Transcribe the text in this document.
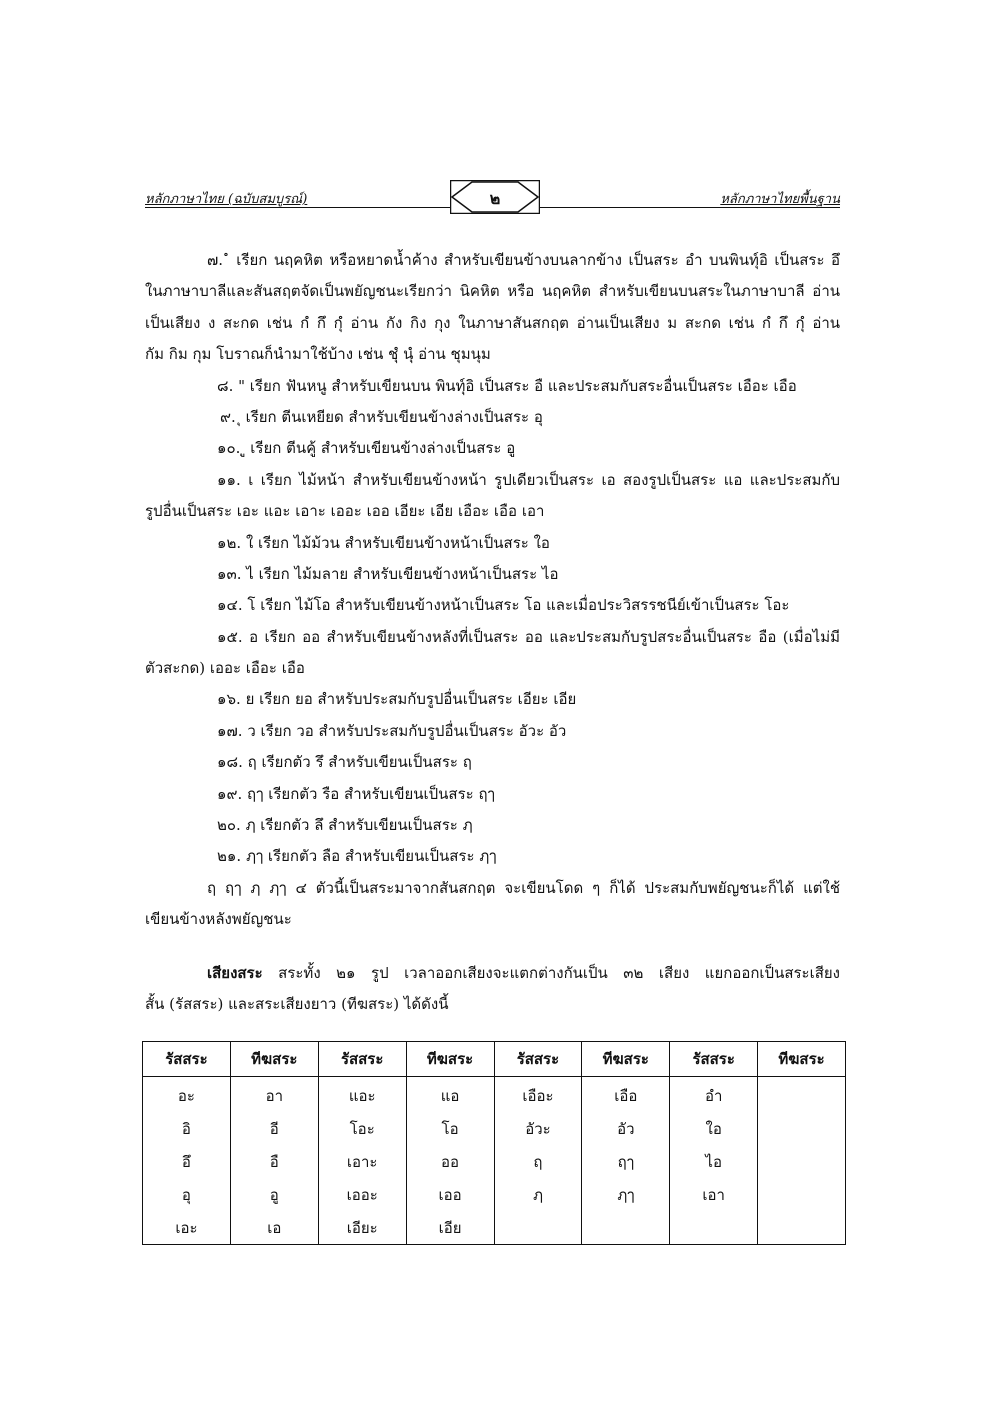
หลักภาษาไทย (ฉบับสมบูรณ์)	๒	หลักภาษาไทยพื้นฐาน
๗. ํ เรียก นฤคหิต หรือหยาดน้ำค้าง สำหรับเขียนข้างบนลากข้าง เป็นสระ อำ บนพินทุ์อิ เป็นสระ อึ
ในภาษาบาลีและสันสฤตจัดเป็นพยัญชนะเรียกว่า นิคหิต หรือ นฤคหิต สำหรับเขียนบนสระในภาษาบาลี อ่าน
เป็นเสียง ง สะกด เช่น กํ กึ กุํ อ่าน กัง กิง กุง ในภาษาสันสกฤต อ่านเป็นเสียง ม สะกด เช่น กํ กึ กุํ อ่าน
กัม กิม กุม โบราณก็นำมาใช้บ้าง เช่น ชุํ นุํ อ่าน ชุมนุม
๘. " เรียก ฟันหนู สำหรับเขียนบน พินทุ์อิ เป็นสระ อื และประสมกับสระอื่นเป็นสระ เอือะ เอือ
๙. ุ เรียก ตีนเหยียด สำหรับเขียนข้างล่างเป็นสระ อุ
๑๐. ู เรียก ตีนคู้ สำหรับเขียนข้างล่างเป็นสระ อู
๑๑. เ เรียก ไม้หน้า สำหรับเขียนข้างหน้า รูปเดียวเป็นสระ เอ สองรูปเป็นสระ แอ และประสมกับ
รูปอื่นเป็นสระ เอะ แอะ เอาะ เออะ เออ เอียะ เอีย เอือะ เอือ เอา
๑๒. ใ เรียก ไม้ม้วน สำหรับเขียนข้างหน้าเป็นสระ ใอ
๑๓. ไ เรียก ไม้มลาย สำหรับเขียนข้างหน้าเป็นสระ ไอ
๑๔. โ เรียก ไม้โอ สำหรับเขียนข้างหน้าเป็นสระ โอ และเมื่อประวิสรรชนีย์เข้าเป็นสระ โอะ
๑๕. อ เรียก ออ สำหรับเขียนข้างหลังที่เป็นสระ ออ และประสมกับรูปสระอื่นเป็นสระ อือ (เมื่อไม่มี
ตัวสะกด) เออะ เอือะ เอือ
๑๖. ย เรียก ยอ สำหรับประสมกับรูปอื่นเป็นสระ เอียะ เอีย
๑๗. ว เรียก วอ สำหรับประสมกับรูปอื่นเป็นสระ อัวะ อัว
๑๘. ฤ เรียกตัว รึ สำหรับเขียนเป็นสระ ฤ
๑๙. ฤๅ เรียกตัว รือ สำหรับเขียนเป็นสระ ฤๅ
๒๐. ฦ เรียกตัว ลึ สำหรับเขียนเป็นสระ ฦ
๒๑. ฦๅ เรียกตัว ลือ สำหรับเขียนเป็นสระ ฦๅ
ฤ ฤๅ ฦ ฦๅ ๔ ตัวนี้เป็นสระมาจากสันสกฤต จะเขียนโดด ๆ ก็ได้ ประสมกับพยัญชนะก็ได้ แต่ใช้
เขียนข้างหลังพยัญชนะ
เสียงสระ สระทั้ง ๒๑ รูป เวลาออกเสียงจะแตกต่างกันเป็น ๓๒ เสียง แยกออกเป็นสระเสียง
สั้น (รัสสระ) และสระเสียงยาว (ทีฆสระ) ได้ดังนี้
รัสสระ	ทีฆสระ	รัสสระ	ทีฆสระ	รัสสระ	ทีฆสระ	รัสสระ	ทีฆสระ
อะ	อา	แอะ	แอ	เอือะ	เอือ	อำ	
อิ	อี	โอะ	โอ	อัวะ	อัว	ใอ	
อึ	อื	เอาะ	ออ	ฤ	ฤๅ	ไอ	
อุ	อู	เออะ	เออ	ฦ	ฦๅ	เอา	
เอะ	เอ	เอียะ	เอีย				
